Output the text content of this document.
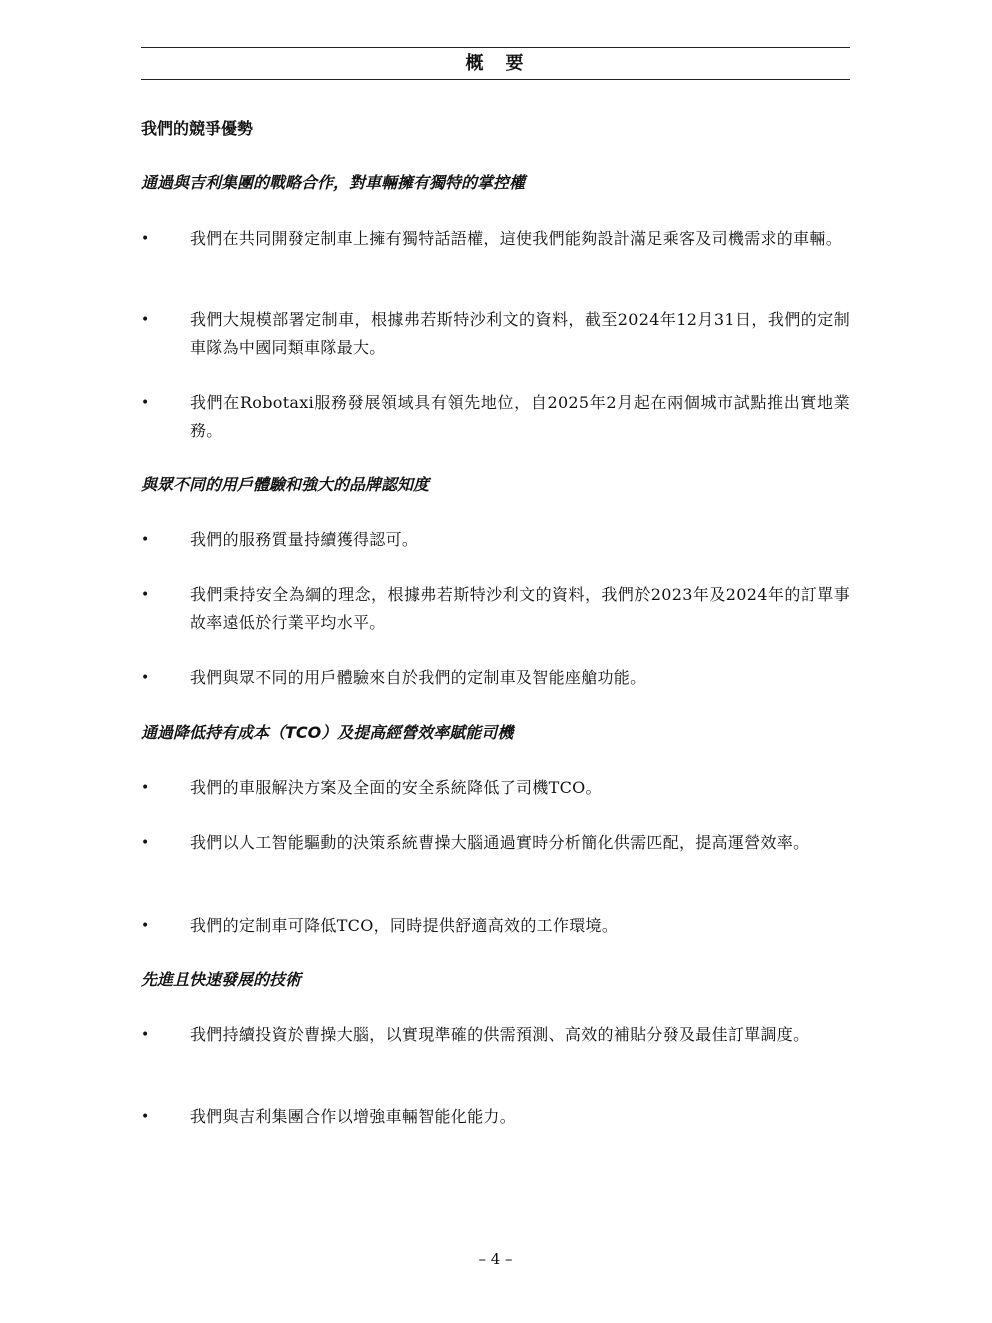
概　要
我們的競爭優勢
通過與吉利集團的戰略合作，對車輛擁有獨特的掌控權
•	我們在共同開發定制車上擁有獨特話語權，這使我們能夠設計滿足乘客及司機需求的車輛。
•	我們大規模部署定制車，根據弗若斯特沙利文的資料，截至2024年12月31日，我們的定制車隊為中國同類車隊最大。
•	我們在Robotaxi服務發展領域具有領先地位，自2025年2月起在兩個城市試點推出實地業務。
與眾不同的用戶體驗和強大的品牌認知度
•	我們的服務質量持續獲得認可。
•	我們秉持安全為綱的理念，根據弗若斯特沙利文的資料，我們於2023年及2024年的訂單事故率遠低於行業平均水平。
•	我們與眾不同的用戶體驗來自於我們的定制車及智能座艙功能。
通過降低持有成本（TCO）及提高經營效率賦能司機
•	我們的車服解決方案及全面的安全系統降低了司機TCO。
•	我們以人工智能驅動的決策系統曹操大腦通過實時分析簡化供需匹配，提高運營效率。
•	我們的定制車可降低TCO，同時提供舒適高效的工作環境。
先進且快速發展的技術
•	我們持續投資於曹操大腦，以實現準確的供需預測、高效的補貼分發及最佳訂單調度。
•	我們與吉利集團合作以增強車輛智能化能力。
– 4 –
